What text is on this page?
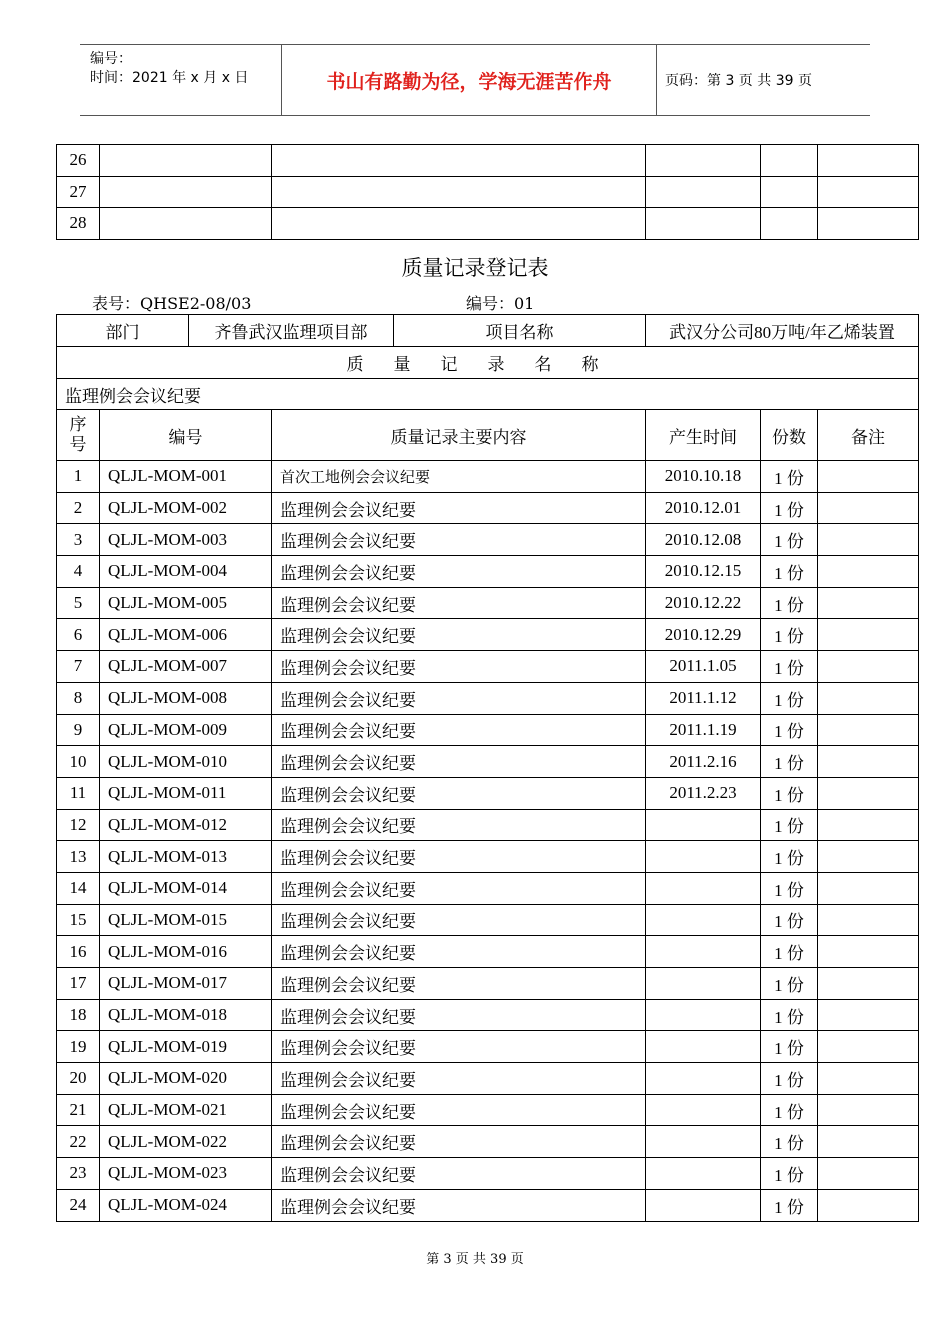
编号：
时间：2021 年 x 月 x 日	书山有路勤为径，学海无涯苦作舟	页码：第 3 页 共 39 页
26					
27					
28					
质量记录登记表
表号：QHSE2-08/03	编号：01
部门		齐鲁武汉监理项目部		项目名称	武汉分公司80万吨/年乙烯装置		
质量记录名称							
监理例会会议纪要							
序号	编号		质量记录主要内容		产生时间	份数	备注
1	QLJL-MOM-001		首次工地例会会议纪要		2010.10.18	1 份	
2	QLJL-MOM-002		监理例会会议纪要		2010.12.01	1 份	
3	QLJL-MOM-003		监理例会会议纪要		2010.12.08	1 份	
4	QLJL-MOM-004		监理例会会议纪要		2010.12.15	1 份	
5	QLJL-MOM-005		监理例会会议纪要		2010.12.22	1 份	
6	QLJL-MOM-006		监理例会会议纪要		2010.12.29	1 份	
7	QLJL-MOM-007		监理例会会议纪要		2011.1.05	1 份	
8	QLJL-MOM-008		监理例会会议纪要		2011.1.12	1 份	
9	QLJL-MOM-009		监理例会会议纪要		2011.1.19	1 份	
10	QLJL-MOM-010		监理例会会议纪要		2011.2.16	1 份	
11	QLJL-MOM-011		监理例会会议纪要		2011.2.23	1 份	
12	QLJL-MOM-012		监理例会会议纪要			1 份	
13	QLJL-MOM-013		监理例会会议纪要			1 份	
14	QLJL-MOM-014		监理例会会议纪要			1 份	
15	QLJL-MOM-015		监理例会会议纪要			1 份	
16	QLJL-MOM-016		监理例会会议纪要			1 份	
17	QLJL-MOM-017		监理例会会议纪要			1 份	
18	QLJL-MOM-018		监理例会会议纪要			1 份	
19	QLJL-MOM-019		监理例会会议纪要			1 份	
20	QLJL-MOM-020		监理例会会议纪要			1 份	
21	QLJL-MOM-021		监理例会会议纪要			1 份	
22	QLJL-MOM-022		监理例会会议纪要			1 份	
23	QLJL-MOM-023		监理例会会议纪要			1 份	
24	QLJL-MOM-024		监理例会会议纪要			1 份	
第 3 页 共 39 页
